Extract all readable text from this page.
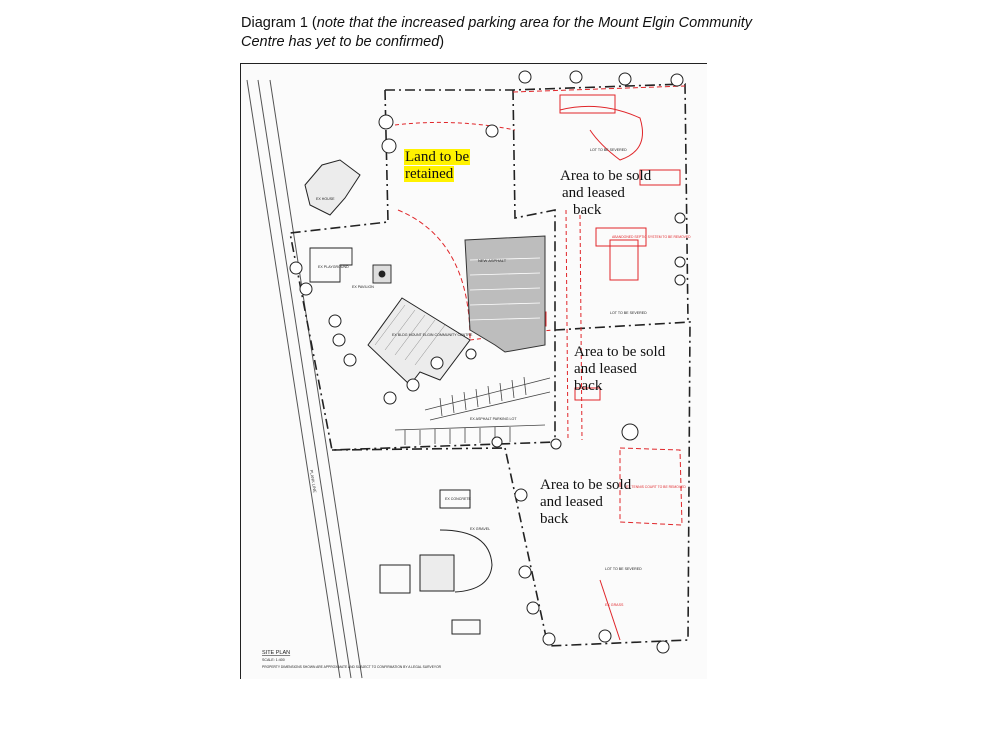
Diagram 1 (note that the increased parking area for the Mount Elgin Community
Centre has yet to be confirmed)
PLANK LINE
NEW ASPHALT
EX ASPHALT PARKING LOT
EX BLDG MOUNT ELGIN COMMUNITY CENTRE
EX HOUSE
EX PLAYGROUND
EX PAVILION
EX CONCRETE
EX GRAVEL
EX TENNIS COURT TO BE REMOVED
ABANDONED SEPTIC SYSTEM TO BE REMOVED
LOT TO BE SEVERED
LOT TO BE SEVERED
LOT TO BE SEVERED
EX GRASS
SITE PLAN
SCALE: 1:400
PROPERTY DIMENSIONS SHOWN ARE APPROXIMATE AND SUBJECT TO CONFIRMATION BY A LEGAL SURVEYOR
Land to be
retained	Area to be sold
and leased
back
Area to be sold
and leased
back
Area to be sold
and leased
back
